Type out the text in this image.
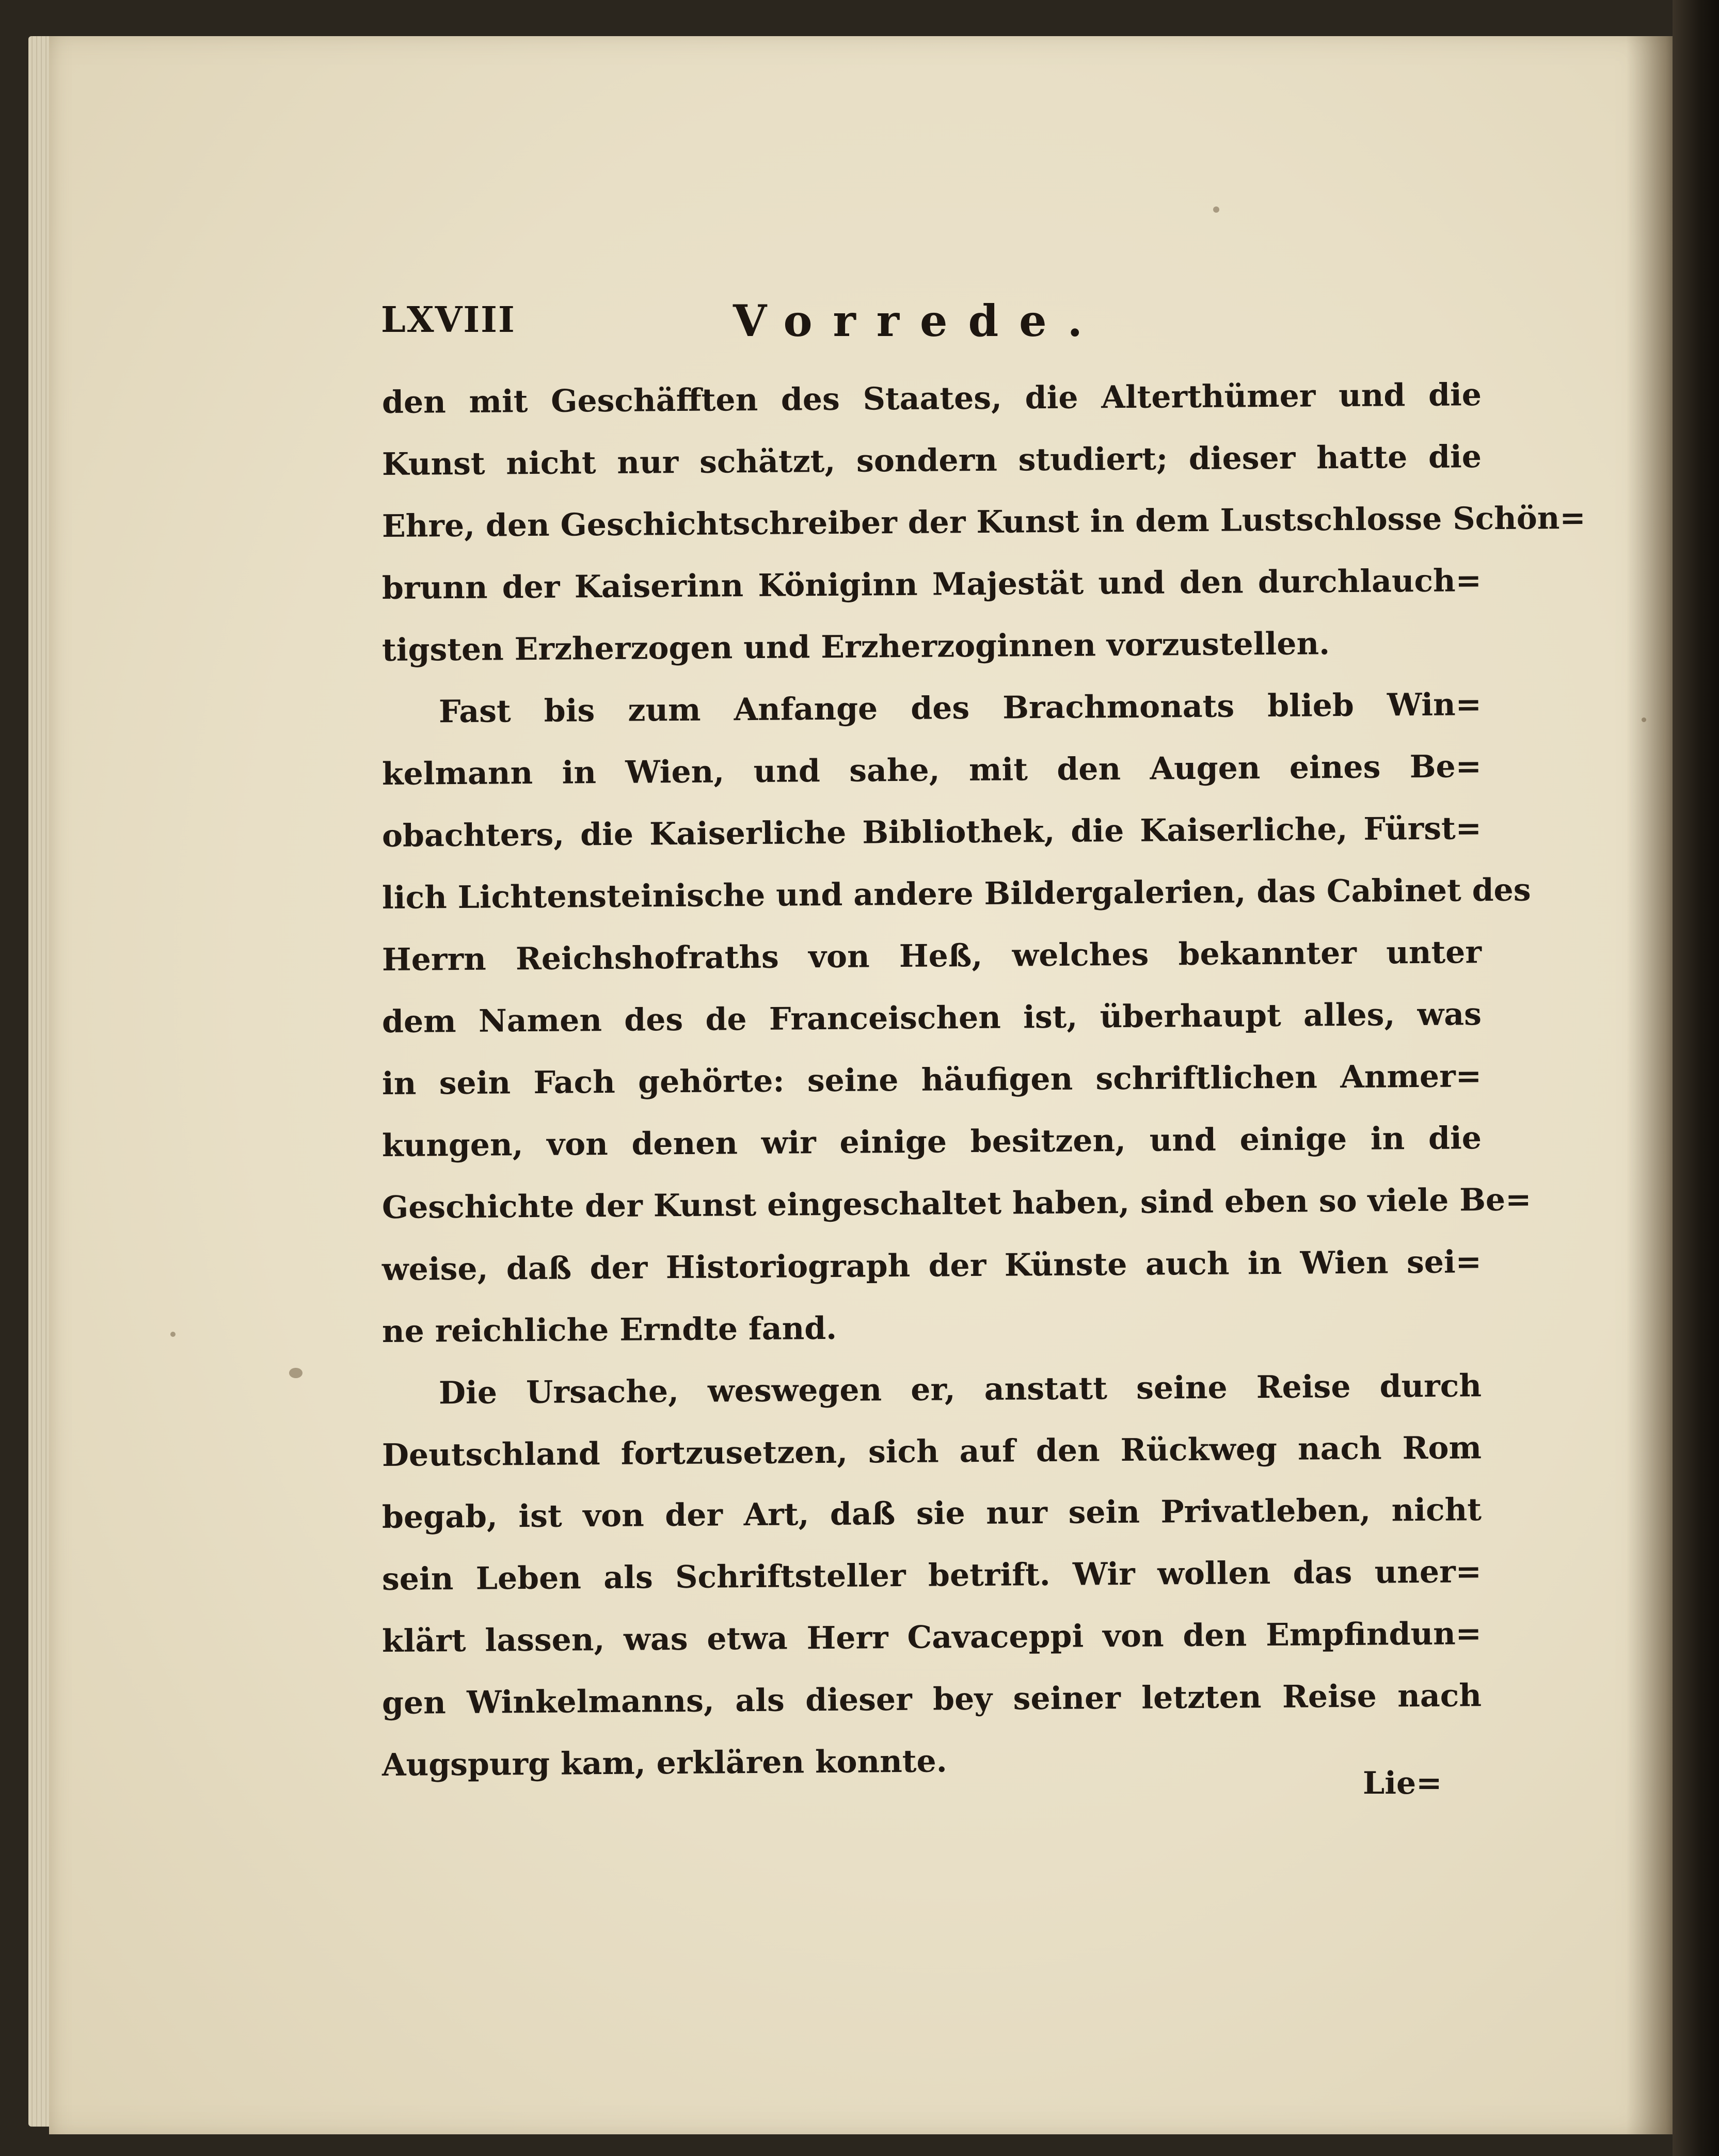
LXVIII	Vorrede.
den mit Geschäfften des Staates, die Alterthümer und die
Kunst nicht nur schätzt, sondern studiert; dieser hatte die
Ehre, den Geschichtschreiber der Kunst in dem Lustschlosse Schön=
brunn der Kaiserinn Königinn Majestät und den durchlauch=
tigsten Erzherzogen und Erzherzoginnen vorzustellen.
Fast bis zum Anfange des Brachmonats blieb Win=
kelmann in Wien, und sahe, mit den Augen eines Be=
obachters, die Kaiserliche Bibliothek, die Kaiserliche, Fürst=
lich Lichtensteinische und andere Bildergalerien, das Cabinet des
Herrn Reichshofraths von Heß, welches bekannter unter
dem Namen des de Franceischen ist, überhaupt alles, was
in sein Fach gehörte: seine häufigen schriftlichen Anmer=
kungen, von denen wir einige besitzen, und einige in die
Geschichte der Kunst eingeschaltet haben, sind eben so viele Be=
weise, daß der Historiograph der Künste auch in Wien sei=
ne reichliche Erndte fand.
Die Ursache, weswegen er, anstatt seine Reise durch
Deutschland fortzusetzen, sich auf den Rückweg nach Rom
begab, ist von der Art, daß sie nur sein Privatleben, nicht
sein Leben als Schriftsteller betrift. Wir wollen das uner=
klärt lassen, was etwa Herr Cavaceppi von den Empfindun=
gen Winkelmanns, als dieser bey seiner letzten Reise nach
Augspurg kam, erklären konnte.
Lie=
